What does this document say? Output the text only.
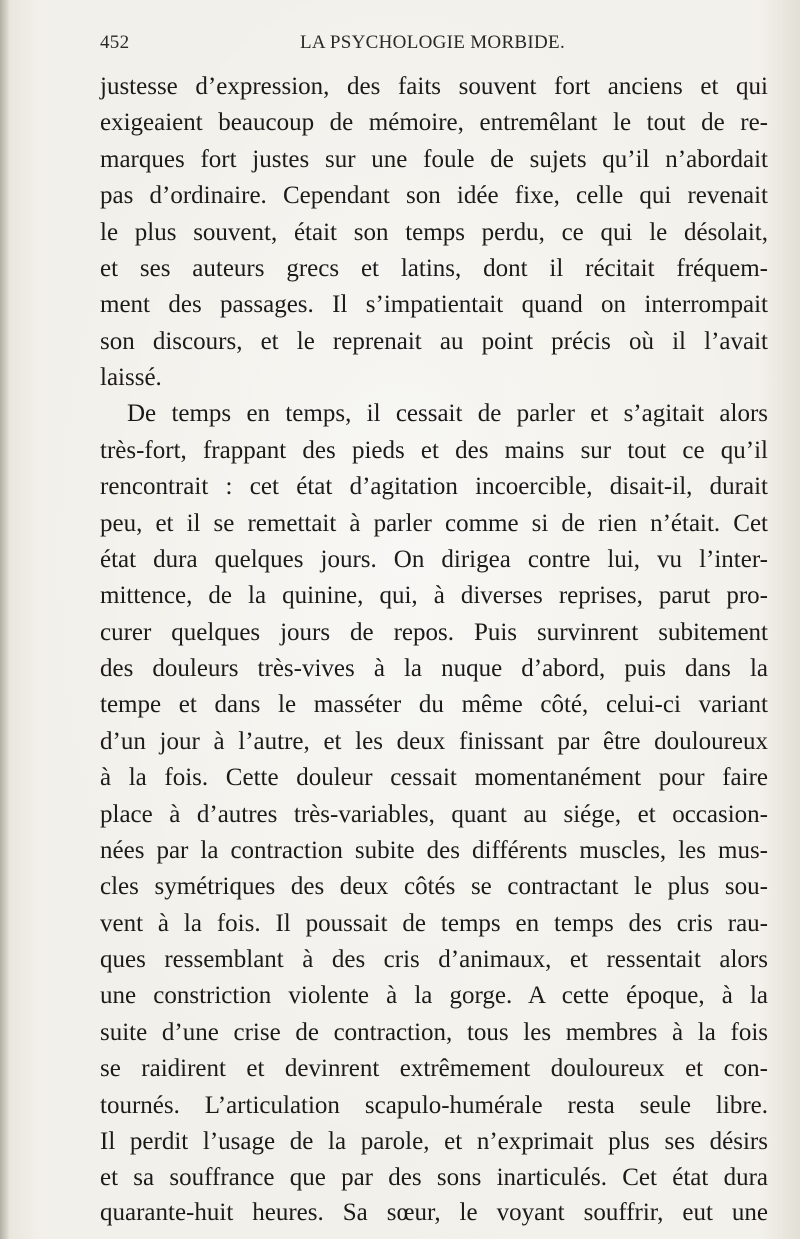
452	LA PSYCHOLOGIE MORBIDE.
justesse d’expression, des faits souvent fort anciens et qui
exigeaient beaucoup de mémoire, entremêlant le tout de re-
marques fort justes sur une foule de sujets qu’il n’abordait
pas d’ordinaire. Cependant son idée fixe, celle qui revenait
le plus souvent, était son temps perdu, ce qui le désolait,
et ses auteurs grecs et latins, dont il récitait fréquem-
ment des passages. Il s’impatientait quand on interrompait
son discours, et le reprenait au point précis où il l’avait
laissé.
De temps en temps, il cessait de parler et s’agitait alors
très-fort, frappant des pieds et des mains sur tout ce qu’il
rencontrait : cet état d’agitation incoercible, disait-il, durait
peu, et il se remettait à parler comme si de rien n’était. Cet
état dura quelques jours. On dirigea contre lui, vu l’inter-
mittence, de la quinine, qui, à diverses reprises, parut pro-
curer quelques jours de repos. Puis survinrent subitement
des douleurs très-vives à la nuque d’abord, puis dans la
tempe et dans le masséter du même côté, celui-ci variant
d’un jour à l’autre, et les deux finissant par être douloureux
à la fois. Cette douleur cessait momentanément pour faire
place à d’autres très-variables, quant au siége, et occasion-
nées par la contraction subite des différents muscles, les mus-
cles symétriques des deux côtés se contractant le plus sou-
vent à la fois. Il poussait de temps en temps des cris rau-
ques ressemblant à des cris d’animaux, et ressentait alors
une constriction violente à la gorge. A cette époque, à la
suite d’une crise de contraction, tous les membres à la fois
se raidirent et devinrent extrêmement douloureux et con-
tournés. L’articulation scapulo-humérale resta seule libre.
Il perdit l’usage de la parole, et n’exprimait plus ses désirs
et sa souffrance que par des sons inarticulés. Cet état dura
quarante-huit heures. Sa sœur, le voyant souffrir, eut une
